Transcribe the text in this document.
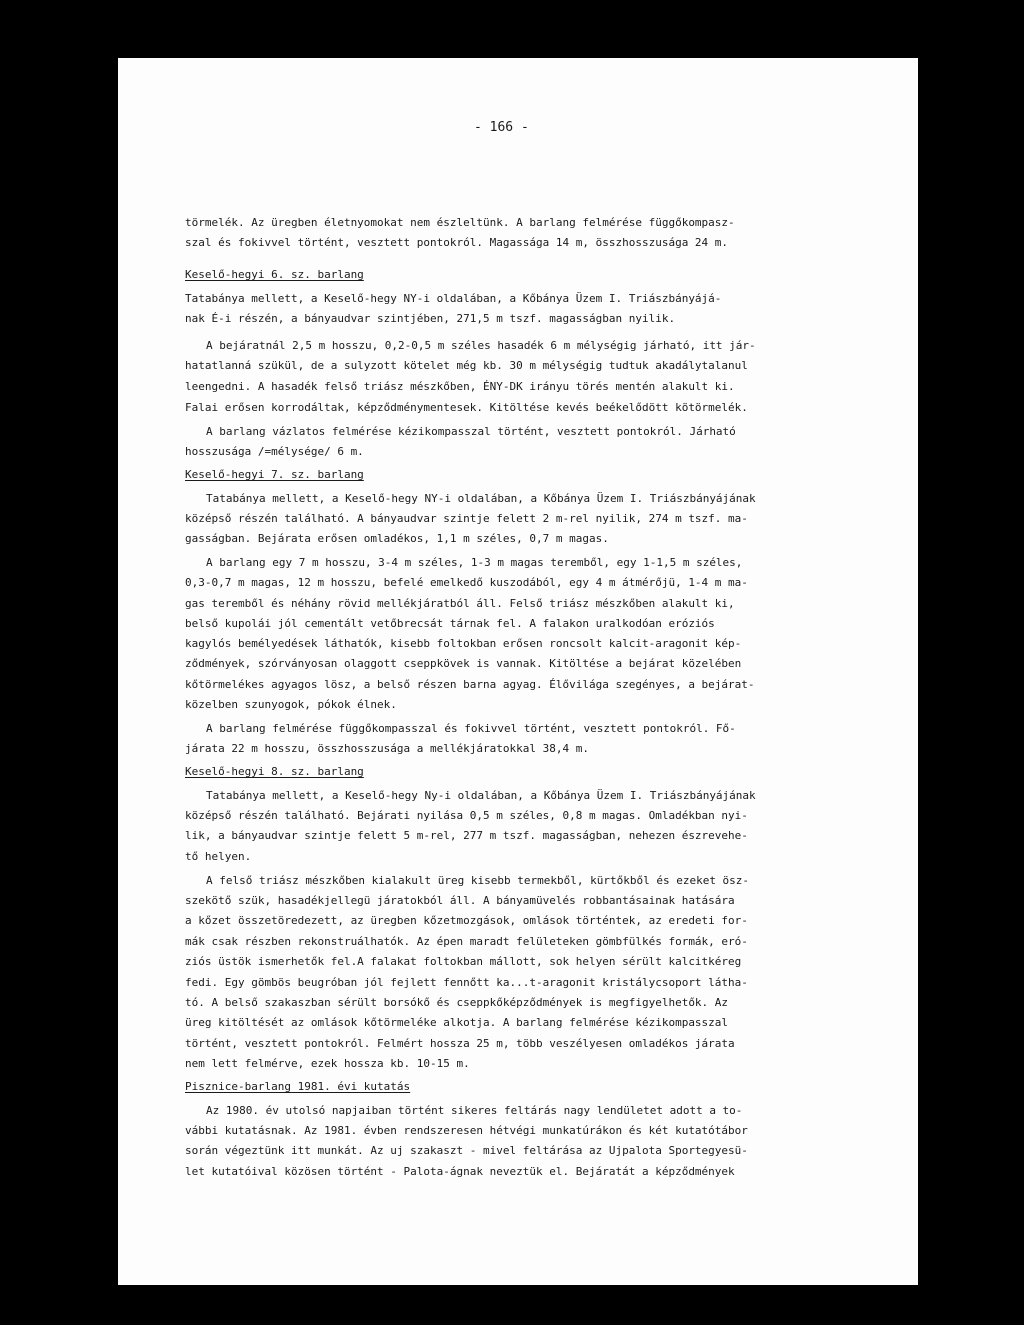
- 166 -
törmelék. Az üregben életnyomokat nem észleltünk. A barlang felmérése függőkompasz-
szal és fokivvel történt, vesztett pontokról. Magassága 14 m, összhosszusága 24 m.
Keselő-hegyi 6. sz. barlang
Tatabánya mellett, a Keselő-hegy NY-i oldalában, a Kőbánya Üzem I. Triászbányájá-
nak É-i részén, a bányaudvar szintjében, 271,5 m tszf. magasságban nyilik.
A bejáratnál 2,5 m hosszu, 0,2-0,5 m széles hasadék 6 m mélységig járható, itt jár-
hatatlanná szükül, de a sulyzott kötelet még kb. 30 m mélységig tudtuk akadálytalanul
leengedni. A hasadék felső triász mészkőben, ÉNY-DK irányu törés mentén alakult ki.
Falai erősen korrodáltak, képződménymentesek. Kitöltése kevés beékelődött kötörmelék.
A barlang vázlatos felmérése kézikompasszal történt, vesztett pontokról. Járható
hosszusága /=mélysége/ 6 m.
Keselő-hegyi 7. sz. barlang
Tatabánya mellett, a Keselő-hegy NY-i oldalában, a Kőbánya Üzem I. Triászbányájának
középső részén található. A bányaudvar szintje felett 2 m-rel nyilik, 274 m tszf. ma-
gasságban. Bejárata erősen omladékos, 1,1 m széles, 0,7 m magas.
A barlang egy 7 m hosszu, 3-4 m széles, 1-3 m magas teremből, egy 1-1,5 m széles,
0,3-0,7 m magas, 12 m hosszu, befelé emelkedő kuszodából, egy 4 m átmérőjü, 1-4 m ma-
gas teremből és néhány rövid mellékjáratból áll. Felső triász mészkőben alakult ki,
belső kupolái jól cementált vetőbrecsát tárnak fel. A falakon uralkodóan eróziós
kagylós bemélyedések láthatók, kisebb foltokban erősen roncsolt kalcit-aragonit kép-
ződmények, szórványosan olaggott cseppkövek is vannak. Kitöltése a bejárat közelében
kőtörmelékes agyagos lösz, a belső részen barna agyag. Élővilága szegényes, a bejárat-
közelben szunyogok, pókok élnek.
A barlang felmérése függőkompasszal és fokivvel történt, vesztett pontokról. Fő-
járata 22 m hosszu, összhosszusága a mellékjáratokkal 38,4 m.
Keselő-hegyi 8. sz. barlang
Tatabánya mellett, a Keselő-hegy Ny-i oldalában, a Kőbánya Üzem I. Triászbányájának
középső részén található. Bejárati nyilása 0,5 m széles, 0,8 m magas. Omladékban nyi-
lik, a bányaudvar szintje felett 5 m-rel, 277 m tszf. magasságban, nehezen észrevehe-
tő helyen.
A felső triász mészkőben kialakult üreg kisebb termekből, kürtőkből és ezeket ösz-
szekötő szük, hasadékjellegü járatokból áll. A bányamüvelés robbantásainak hatására
a kőzet összetöredezett, az üregben kőzetmozgások, omlások történtek, az eredeti for-
mák csak részben rekonstruálhatók. Az épen maradt felületeken gömbfülkés formák, eró-
ziós üstök ismerhetők fel.A falakat foltokban mállott, sok helyen sérült kalcitkéreg
fedi. Egy gömbös beugróban jól fejlett fennőtt ka...t-aragonit kristálycsoport látha-
tó. A belső szakaszban sérült borsókő és cseppkőképződmények is megfigyelhetők. Az
üreg kitöltését az omlások kőtörmeléke alkotja. A barlang felmérése kézikompasszal
történt, vesztett pontokról. Felmért hossza 25 m, több veszélyesen omladékos járata
nem lett felmérve, ezek hossza kb. 10-15 m.
Pisznice-barlang 1981. évi kutatás
Az 1980. év utolsó napjaiban történt sikeres feltárás nagy lendületet adott a to-
vábbi kutatásnak. Az 1981. évben rendszeresen hétvégi munkatúrákon és két kutatótábor
során végeztünk itt munkát. Az uj szakaszt - mivel feltárása az Ujpalota Sportegyesü-
let kutatóival közösen történt - Palota-ágnak neveztük el. Bejáratát a képződmények
